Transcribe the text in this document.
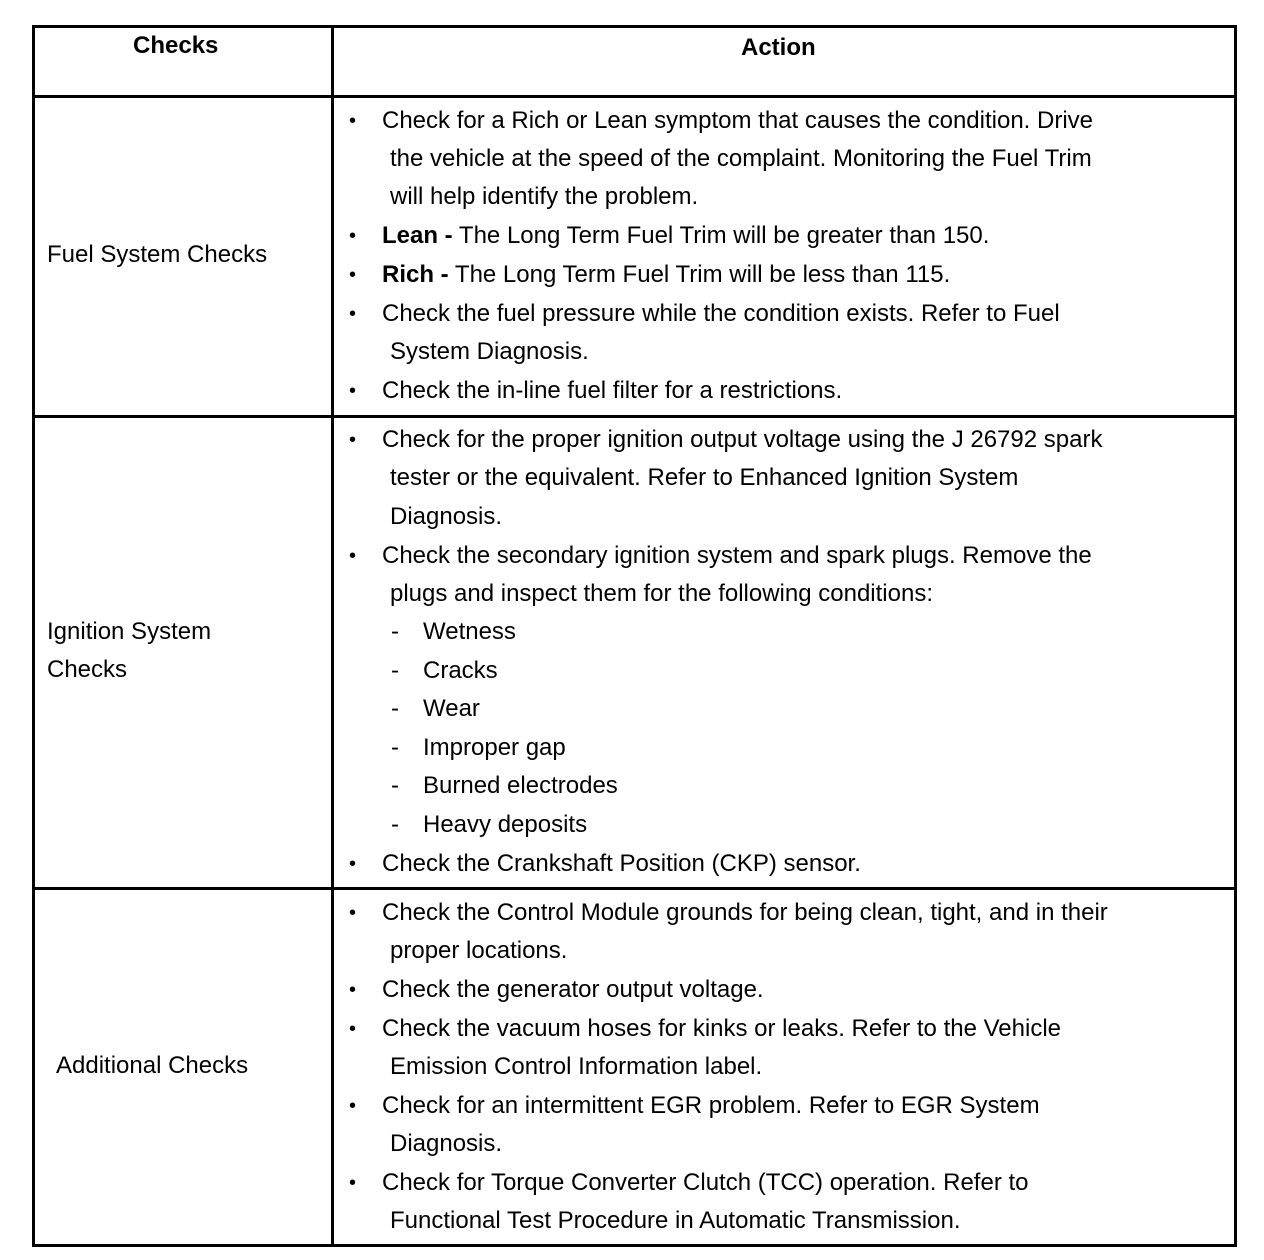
Checks	Action
Fuel System Checks
• Check for a Rich or Lean symptom that causes the condition. Drive
the vehicle at the speed of the complaint. Monitoring the Fuel Trim
will help identify the problem.
• Lean - The Long Term Fuel Trim will be greater than 150.
• Rich - The Long Term Fuel Trim will be less than 115.
• Check the fuel pressure while the condition exists. Refer to Fuel
System Diagnosis.
• Check the in-line fuel filter for a restrictions.
Ignition System
Checks
• Check for the proper ignition output voltage using the J 26792 spark
tester or the equivalent. Refer to Enhanced Ignition System
Diagnosis.
• Check the secondary ignition system and spark plugs. Remove the
plugs and inspect them for the following conditions:
- Wetness
- Cracks
- Wear
- Improper gap
- Burned electrodes
- Heavy deposits
• Check the Crankshaft Position (CKP) sensor.
Additional Checks
• Check the Control Module grounds for being clean, tight, and in their
proper locations.
• Check the generator output voltage.
• Check the vacuum hoses for kinks or leaks. Refer to the Vehicle
Emission Control Information label.
• Check for an intermittent EGR problem. Refer to EGR System
Diagnosis.
• Check for Torque Converter Clutch (TCC) operation. Refer to
Functional Test Procedure in Automatic Transmission.
